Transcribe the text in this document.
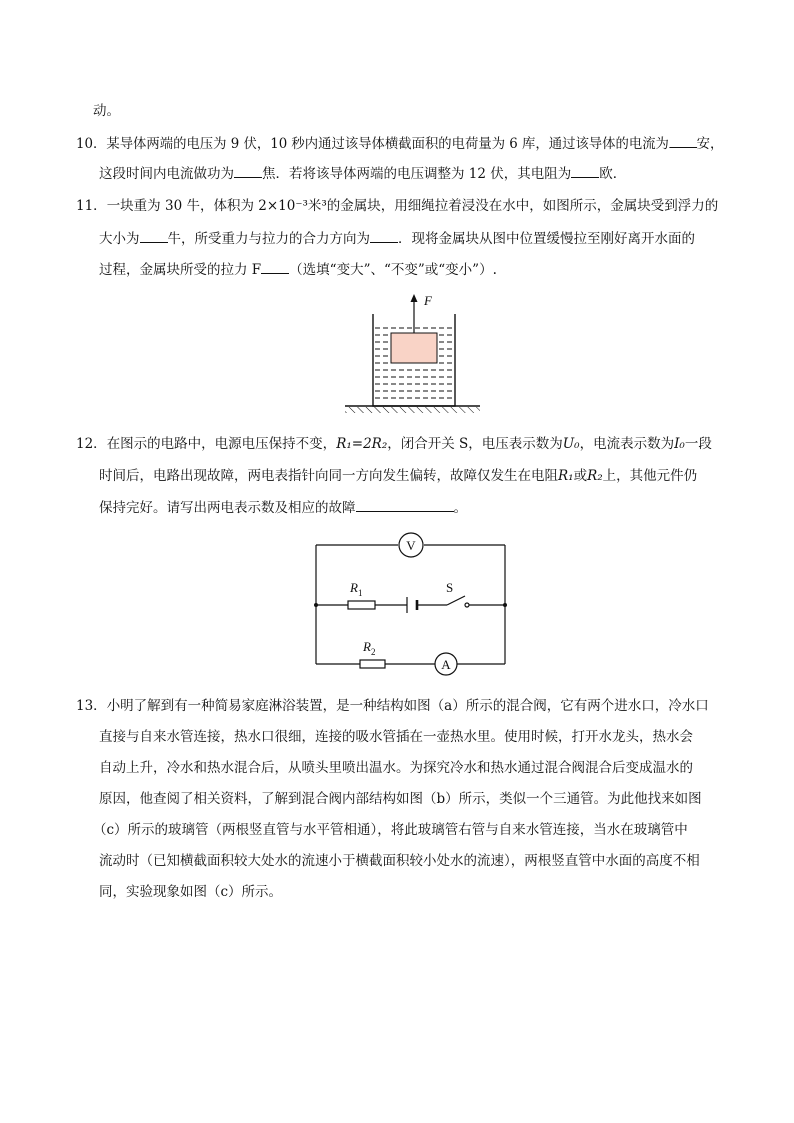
动。
10．某导体两端的电压为 9 伏，10 秒内通过该导体横截面积的电荷量为 6 库，通过该导体的电流为 安，
这段时间内电流做功为 焦．若将该导体两端的电压调整为 12 伏，其电阻为 欧．
11．一块重为 30 牛，体积为 2×10⁻³米³的金属块，用细绳拉着浸没在水中，如图所示，金属块受到浮力的
大小为 牛，所受重力与拉力的合力方向为 ．现将金属块从图中位置缓慢拉至刚好离开水面的
过程，金属块所受的拉力 F （选填“变大”、“不变”或“变小”）.
F
12．在图示的电路中，电源电压保持不变，R₁=2R₂，闭合开关 S，电压表示数为U₀，电流表示数为I₀一段
时间后，电路出现故障，两电表指针向同一方向发生偏转，故障仅发生在电阻R₁或R₂上，其他元件仍
保持完好。请写出两电表示数及相应的故障	。
V
$R_1$	S
$R_2$
A
13．小明了解到有一种简易家庭淋浴装置，是一种结构如图（a）所示的混合阀，它有两个进水口，冷水口
直接与自来水管连接，热水口很细，连接的吸水管插在一壶热水里。使用时候，打开水龙头，热水会
自动上升，冷水和热水混合后，从喷头里喷出温水。为探究冷水和热水通过混合阀混合后变成温水的
原因，他查阅了相关资料，了解到混合阀内部结构如图（b）所示，类似一个三通管。为此他找来如图
（c）所示的玻璃管（两根竖直管与水平管相通），将此玻璃管右管与自来水管连接，当水在玻璃管中
流动时（已知横截面积较大处水的流速小于横截面积较小处水的流速），两根竖直管中水面的高度不相
同，实验现象如图（c）所示。
